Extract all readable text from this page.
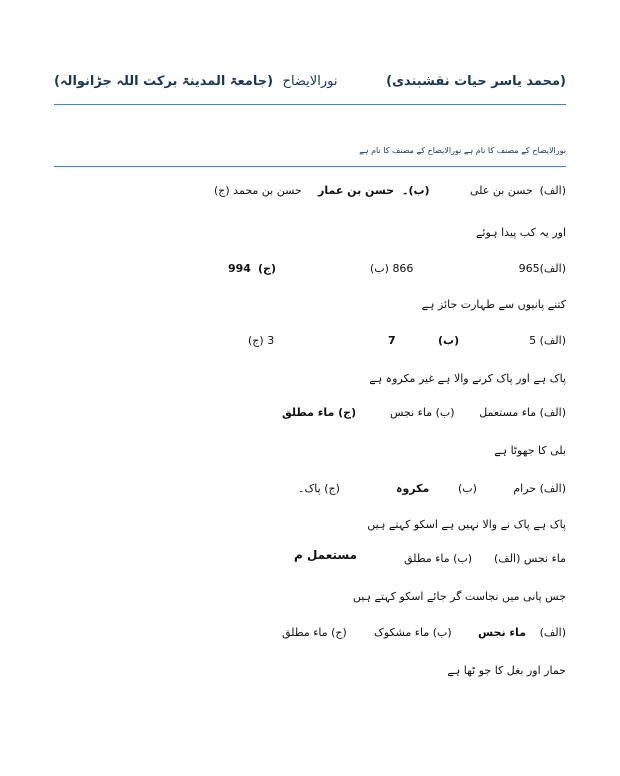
(محمد یاسر حیات نقشبندی)
نورالایضاح
(جامعۃ المدینۃ برکت اللہ جڑانوالہ)
نورالایضاح کے مصنف کا نام ہے نورالایضاح کے مصنف کا نام ہے
(الف)
حسن بن علی
(ب)۔
حسن بن عمار
حسن بن محمد (ج)
اور یہ کب پیدا ہوئے
(الف)965
866 (ب)
(ج)
994
کتنے پانیوں سے طہارت جائز ہے
(الف) 5
(ب)
7
3 (ج)
پاک ہے اور پاک کرنے والا ہے غیر مکروہ ہے
(الف) ماء مستعمل
(ب) ماء نجس
(ج) ماء مطلق
بلی کا جھوٹا ہے
(الف) حرام
(ب)
مکروہ
(ج) پاک۔
پاک ہے پاک نے والا نہیں ہے اسکو کہتے ہیں
ماء نجس (الف)
(ب) ماء مطلق
مستعمل م
جس پانی میں نجاست گر جائے اسکو کہتے ہیں
(الف)
ماء نجس
(ب) ماء مشکوک
(ج) ماء مطلق
حمار اور بغل کا جو ٹھا ہے
